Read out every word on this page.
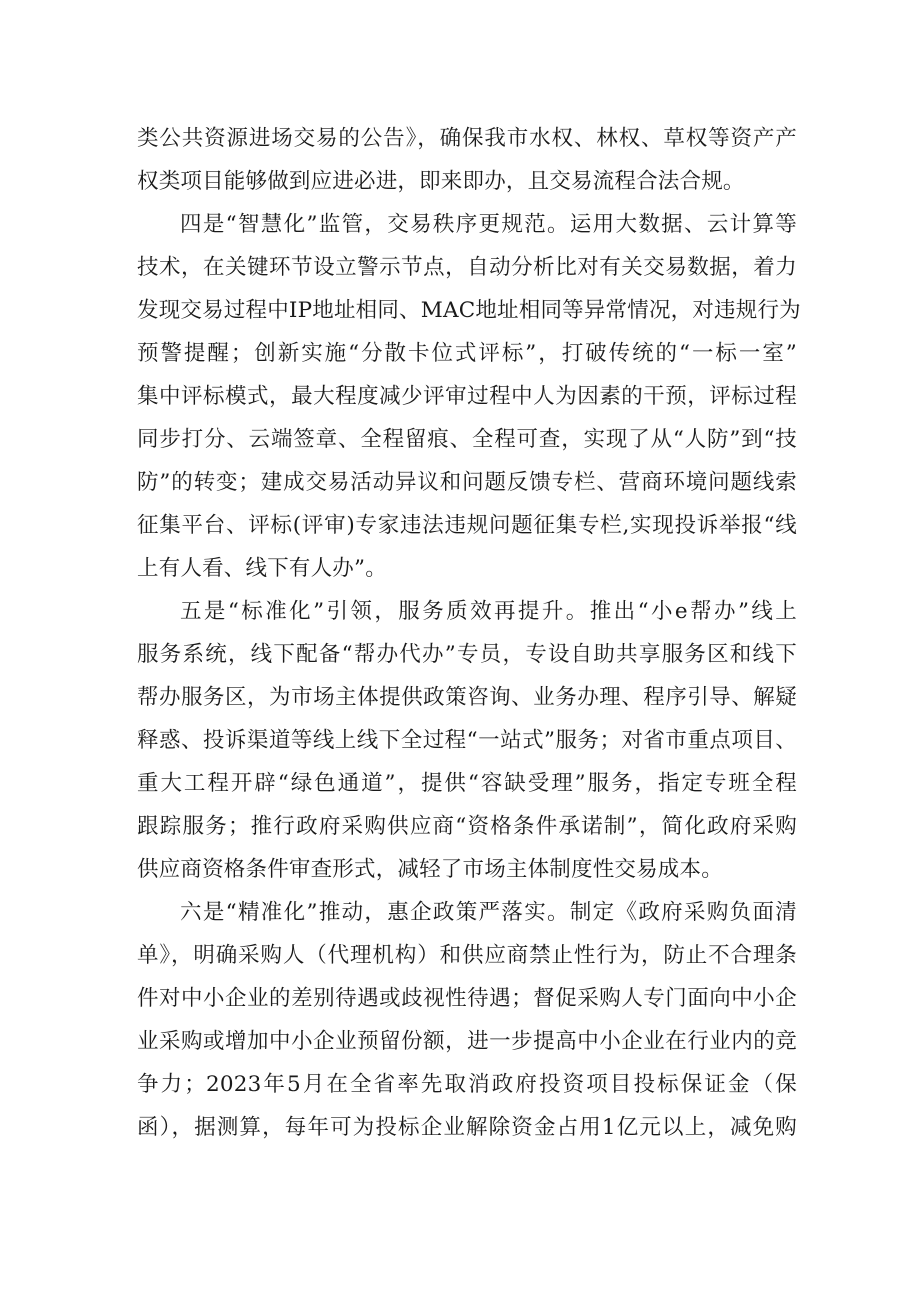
类公共资源进场交易的公告》，确保我市水权、林权、草权等资产产
权类项目能够做到应进必进，即来即办，且交易流程合法合规。
四是“智慧化”监管，交易秩序更规范。运用大数据、云计算等
技术，在关键环节设立警示节点，自动分析比对有关交易数据，着力
发现交易过程中IP地址相同、MAC地址相同等异常情况，对违规行为
预警提醒；创新实施“分散卡位式评标”，打破传统的“一标一室”
集中评标模式，最大程度减少评审过程中人为因素的干预，评标过程
同步打分、云端签章、全程留痕、全程可查，实现了从“人防”到“技
防”的转变；建成交易活动异议和问题反馈专栏、营商环境问题线索
征集平台、评标(评审)专家违法违规问题征集专栏,实现投诉举报“线
上有人看、线下有人办”。
五是“标准化”引领，服务质效再提升。推出“小e帮办”线上
服务系统，线下配备“帮办代办”专员，专设自助共享服务区和线下
帮办服务区，为市场主体提供政策咨询、业务办理、程序引导、解疑
释惑、投诉渠道等线上线下全过程“一站式”服务；对省市重点项目、
重大工程开辟“绿色通道”，提供“容缺受理”服务，指定专班全程
跟踪服务；推行政府采购供应商“资格条件承诺制”，简化政府采购
供应商资格条件审查形式，减轻了市场主体制度性交易成本。
六是“精准化”推动，惠企政策严落实。制定《政府采购负面清
单》，明确采购人（代理机构）和供应商禁止性行为，防止不合理条
件对中小企业的差别待遇或歧视性待遇；督促采购人专门面向中小企
业采购或增加中小企业预留份额，进一步提高中小企业在行业内的竞
争力；2023年5月在全省率先取消政府投资项目投标保证金（保
函），据测算，每年可为投标企业解除资金占用1亿元以上，减免购
